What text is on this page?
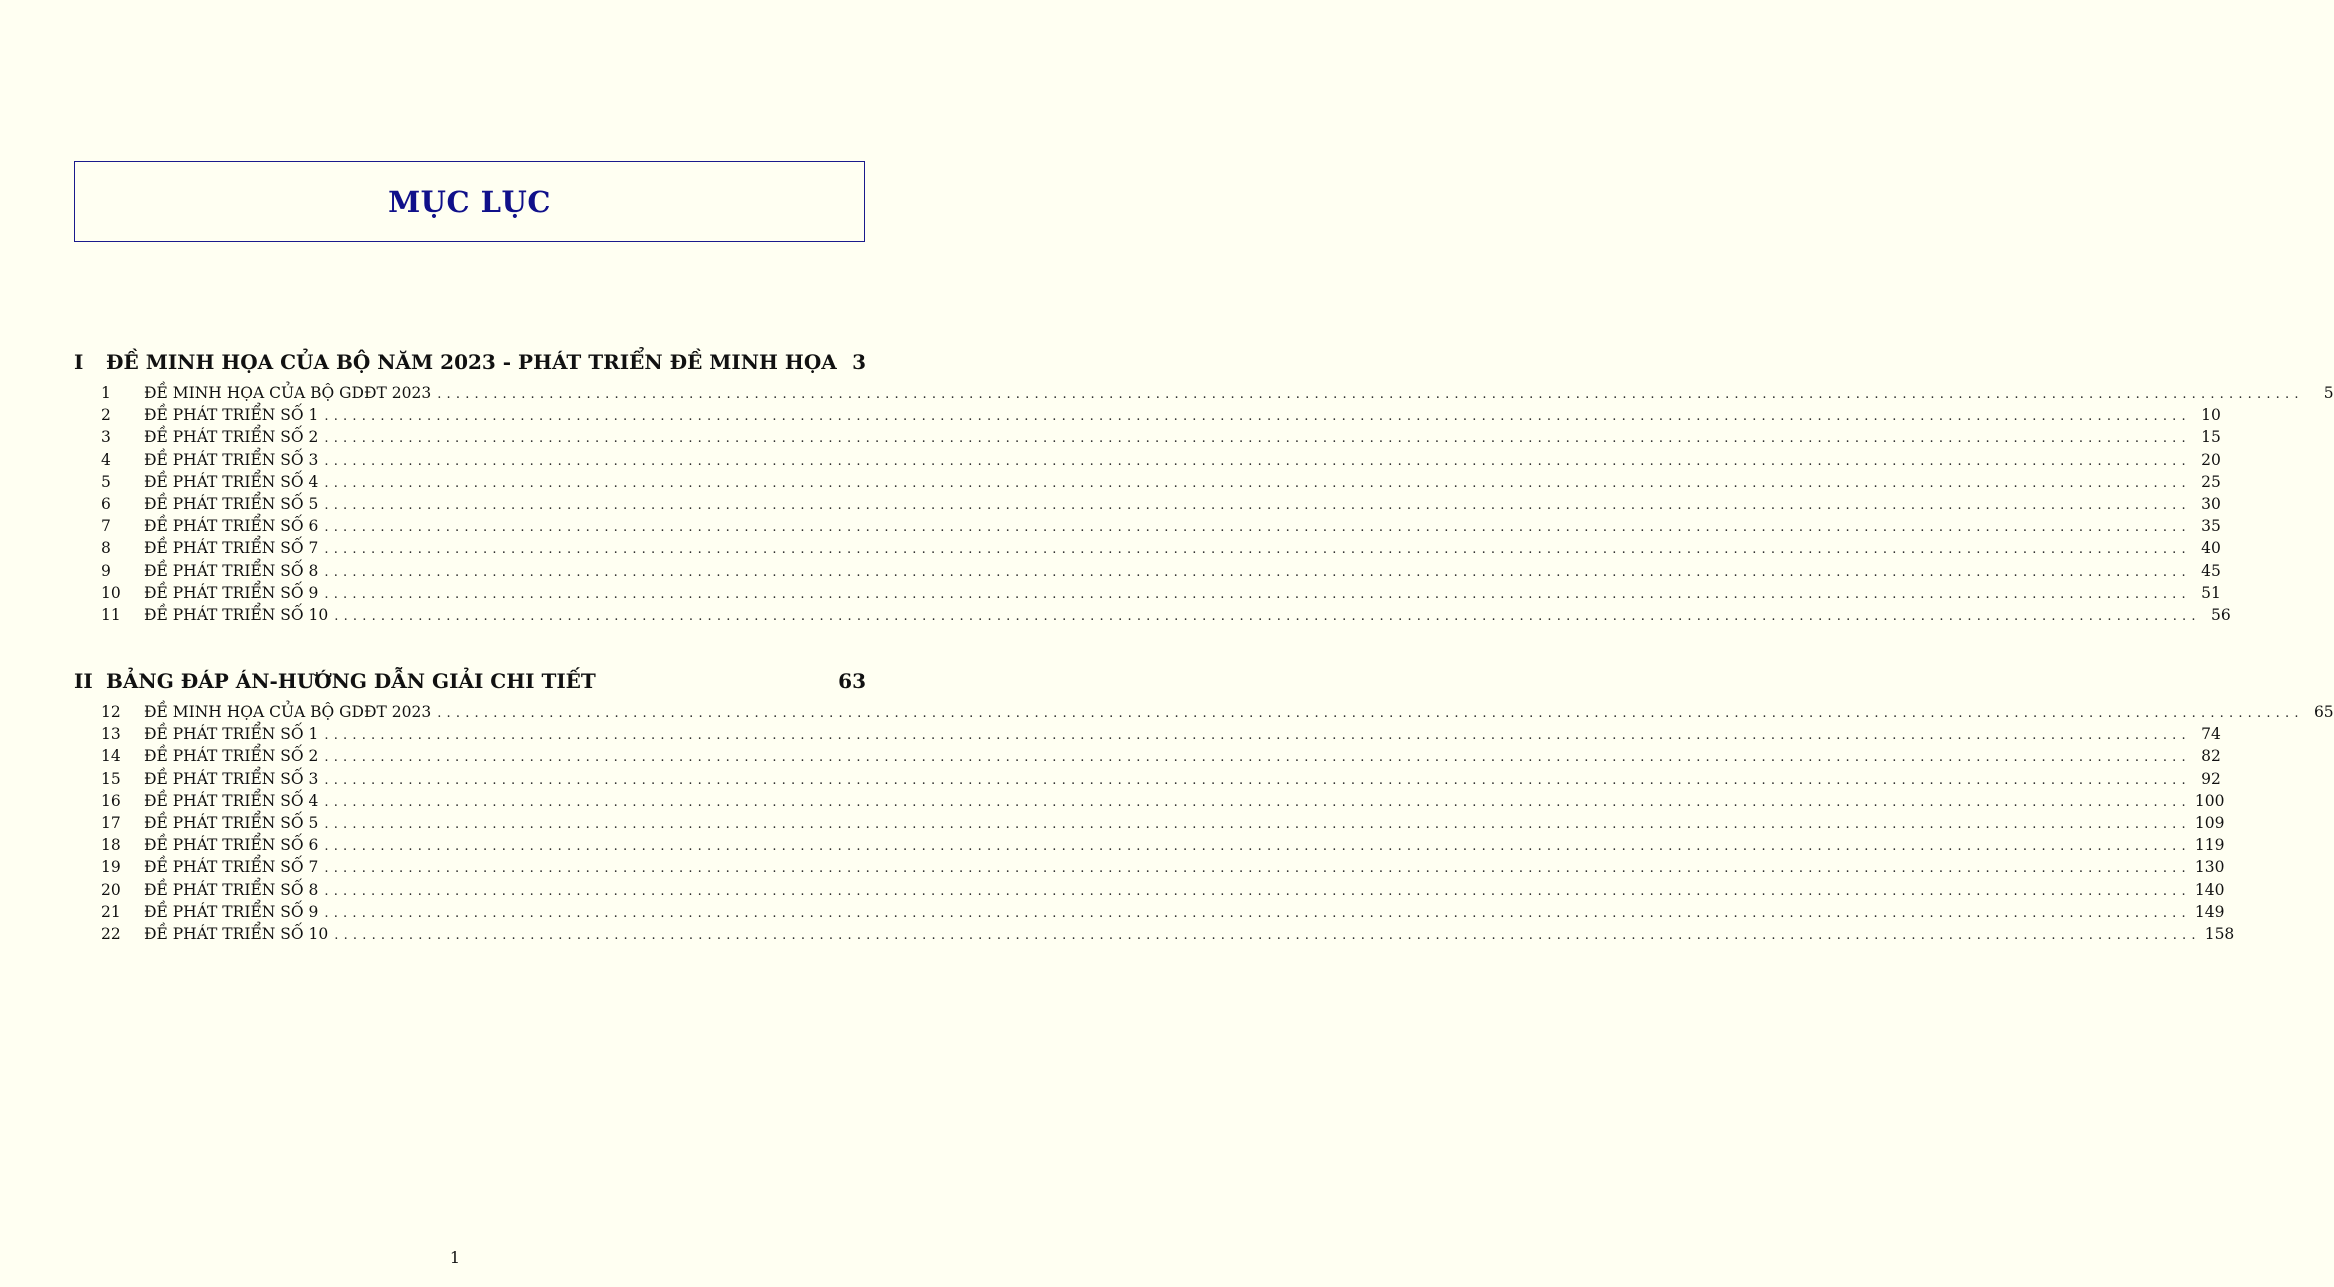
MỤC LỤC
I	ĐỀ MINH HỌA CỦA BỘ NĂM 2023 - PHÁT TRIỂN ĐỀ MINH HỌA 3
1	ĐỀ MINH HỌA CỦA BỘ GDĐT 2023 ........................................................................................................................................................................................................	5
2	ĐỀ PHÁT TRIỂN SỐ 1 ........................................................................................................................................................................................................ 10
3	ĐỀ PHÁT TRIỂN SỐ 2 ........................................................................................................................................................................................................ 15
4	ĐỀ PHÁT TRIỂN SỐ 3 ........................................................................................................................................................................................................ 20
5	ĐỀ PHÁT TRIỂN SỐ 4 ........................................................................................................................................................................................................ 25
6	ĐỀ PHÁT TRIỂN SỐ 5 ........................................................................................................................................................................................................ 30
7	ĐỀ PHÁT TRIỂN SỐ 6 ........................................................................................................................................................................................................ 35
8	ĐỀ PHÁT TRIỂN SỐ 7 ........................................................................................................................................................................................................ 40
9	ĐỀ PHÁT TRIỂN SỐ 8 ........................................................................................................................................................................................................ 45
10	ĐỀ PHÁT TRIỂN SỐ 9 ........................................................................................................................................................................................................ 51
11	ĐỀ PHÁT TRIỂN SỐ 10 ........................................................................................................................................................................................................ 56
II BẢNG ĐÁP ÁN-HƯỚNG DẪN GIẢI CHI TIẾT	63
12	ĐỀ MINH HỌA CỦA BỘ GDĐT 2023 ........................................................................................................................................................................................................ 65
13	ĐỀ PHÁT TRIỂN SỐ 1 ........................................................................................................................................................................................................ 74
14	ĐỀ PHÁT TRIỂN SỐ 2 ........................................................................................................................................................................................................ 82
15	ĐỀ PHÁT TRIỂN SỐ 3 ........................................................................................................................................................................................................ 92
16	ĐỀ PHÁT TRIỂN SỐ 4 ........................................................................................................................................................................................................ 100
17	ĐỀ PHÁT TRIỂN SỐ 5 ........................................................................................................................................................................................................ 109
18	ĐỀ PHÁT TRIỂN SỐ 6 ........................................................................................................................................................................................................ 119
19	ĐỀ PHÁT TRIỂN SỐ 7 ........................................................................................................................................................................................................ 130
20	ĐỀ PHÁT TRIỂN SỐ 8 ........................................................................................................................................................................................................ 140
21	ĐỀ PHÁT TRIỂN SỐ 9 ........................................................................................................................................................................................................ 149
22	ĐỀ PHÁT TRIỂN SỐ 10 ........................................................................................................................................................................................................ 158
1
